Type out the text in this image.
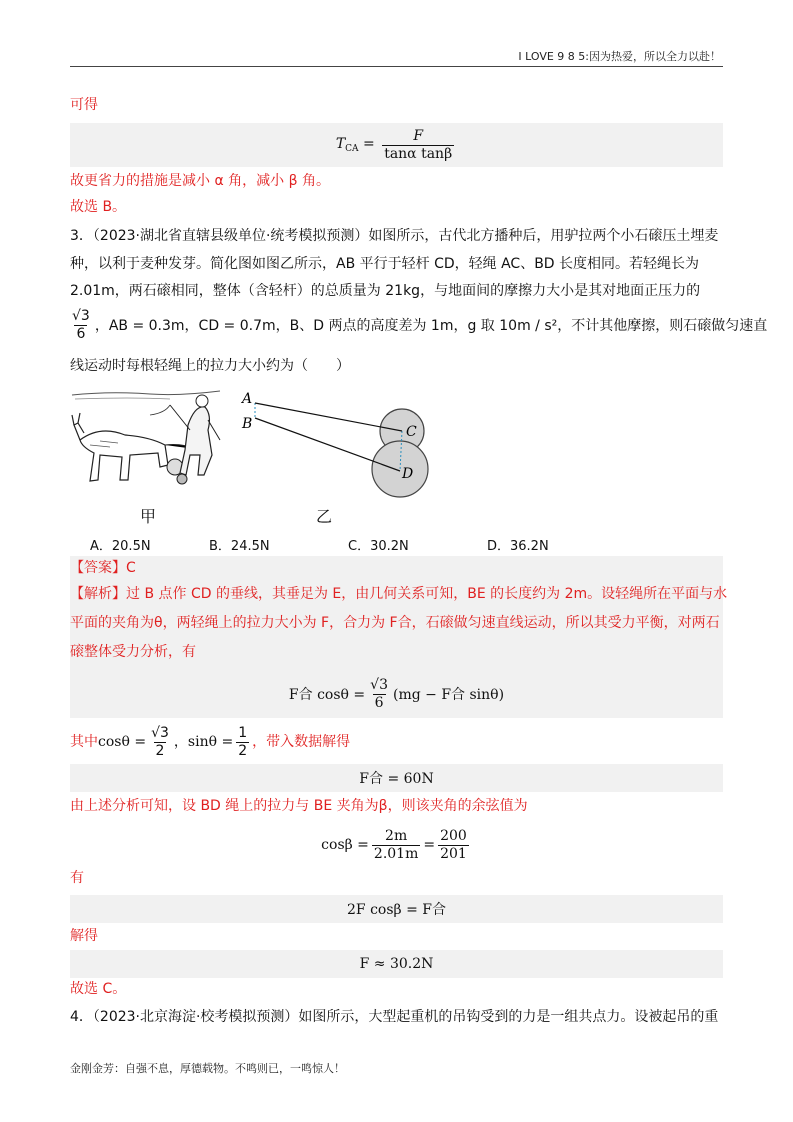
I LOVE 9 8 5:因为热爱，所以全力以赴！
可得
$T_{CA} = \frac{F}{\text{tanα tanβ}}$
故更省力的措施是减小 α 角，减小 β 角。
故选 B。
3．（2023·湖北省直辖县级单位·统考模拟预测）如图所示，古代北方播种后，用驴拉两个小石磙压土埋麦
种，以利于麦种发芽。简化图如图乙所示，AB 平行于轻杆 CD，轻绳 AC、BD 长度相同。若轻绳长为
2.01m，两石磙相同，整体（含轻杆）的总质量为 21kg，与地面间的摩擦力大小是其对地面正压力的
$\frac{√3}{6}$ ，AB = 0.3m，CD = 0.7m，B、D 两点的高度差为 1m，g 取 10m / s²，不计其他摩擦，则石磙做匀速直
线运动时每根轻绳上的拉力大小约为（　　）
甲
A
B	C
D
乙
A．20.5N	B．24.5N	C．30.2N	D．36.2N
【答案】C
【解析】过 B 点作 CD 的垂线，其垂足为 E，由几何关系可知，BE 的长度约为 2m。设轻绳所在平面与水
平面的夹角为θ，两轻绳上的拉力大小为 F，合力为 F合，石磙做匀速直线运动，所以其受力平衡，对两石
磙整体受力分析，有
F合 $\cos\theta = \frac{√3}{6} (mg - F$合 sinθ)
其中 $\cos\theta = \frac{√3}{2}$ ，$\sin\theta = \frac{1}{2}$ ，带入数据解得
F合 = 60N
由上述分析可知，设 BD 绳上的拉力与 BE 夹角为β，则该夹角的余弦值为
$\cos\beta = \frac{2m}{2.01m} = \frac{200}{201}$
有
2F cosβ = F合
解得
F ≈ 30.2N
故选 C。
4．（2023·北京海淀·校考模拟预测）如图所示，大型起重机的吊钩受到的力是一组共点力。设被起吊的重
金刚金芳：自强不息，厚德载物。不鸣则已，一鸣惊人！
